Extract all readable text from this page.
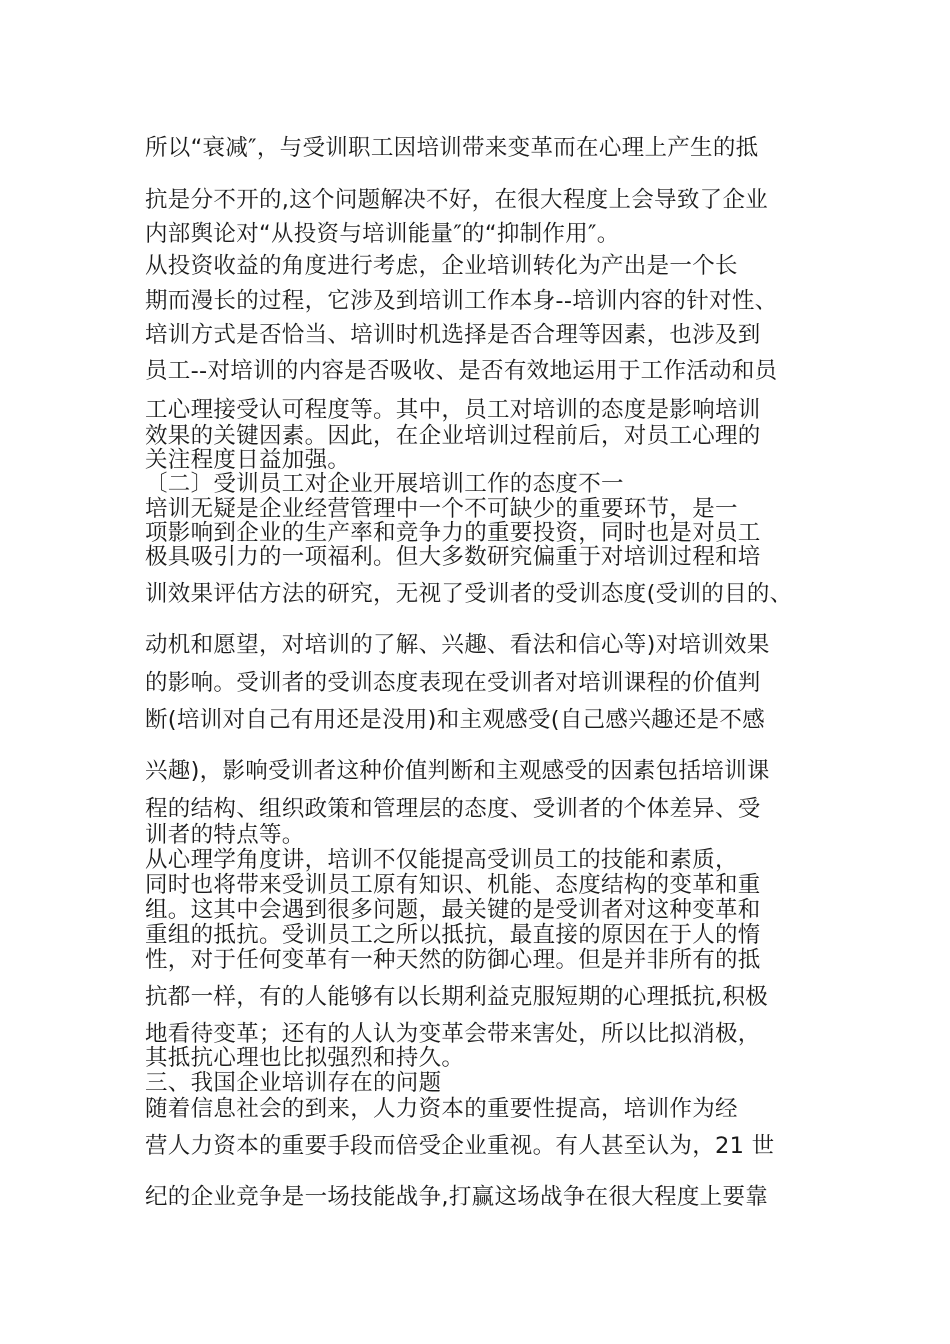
所以“衰减″，与受训职工因培训带来变革而在心理上产生的抵
抗是分不开的,这个问题解决不好，在很大程度上会导致了企业
内部舆论对“从投资与培训能量″的“抑制作用″。
从投资收益的角度进行考虑，企业培训转化为产出是一个长
期而漫长的过程，它涉及到培训工作本身--培训内容的针对性、
培训方式是否恰当、培训时机选择是否合理等因素，也涉及到
员工--对培训的内容是否吸收、是否有效地运用于工作活动和员
工心理接受认可程度等。其中，员工对培训的态度是影响培训
效果的关键因素。因此，在企业培训过程前后，对员工心理的
关注程度日益加强。
〔二〕受训员工对企业开展培训工作的态度不一
培训无疑是企业经营管理中一个不可缺少的重要环节，是一
项影响到企业的生产率和竞争力的重要投资，同时也是对员工
极具吸引力的一项福利。但大多数研究偏重于对培训过程和培
训效果评估方法的研究，无视了受训者的受训态度(受训的目的、
动机和愿望，对培训的了解、兴趣、看法和信心等)对培训效果
的影响。受训者的受训态度表现在受训者对培训课程的价值判
断(培训对自己有用还是没用)和主观感受(自己感兴趣还是不感
兴趣)，影响受训者这种价值判断和主观感受的因素包括培训课
程的结构、组织政策和管理层的态度、受训者的个体差异、受
训者的特点等。
从心理学角度讲，培训不仅能提高受训员工的技能和素质，
同时也将带来受训员工原有知识、机能、态度结构的变革和重
组。这其中会遇到很多问题，最关键的是受训者对这种变革和
重组的抵抗。受训员工之所以抵抗，最直接的原因在于人的惰
性，对于任何变革有一种天然的防御心理。但是并非所有的抵
抗都一样，有的人能够有以长期利益克服短期的心理抵抗,积极
地看待变革；还有的人认为变革会带来害处，所以比拟消极，
其抵抗心理也比拟强烈和持久。
三、我国企业培训存在的问题
随着信息社会的到来，人力资本的重要性提高，培训作为经
营人力资本的重要手段而倍受企业重视。有人甚至认为，21 世
纪的企业竞争是一场技能战争,打赢这场战争在很大程度上要靠
